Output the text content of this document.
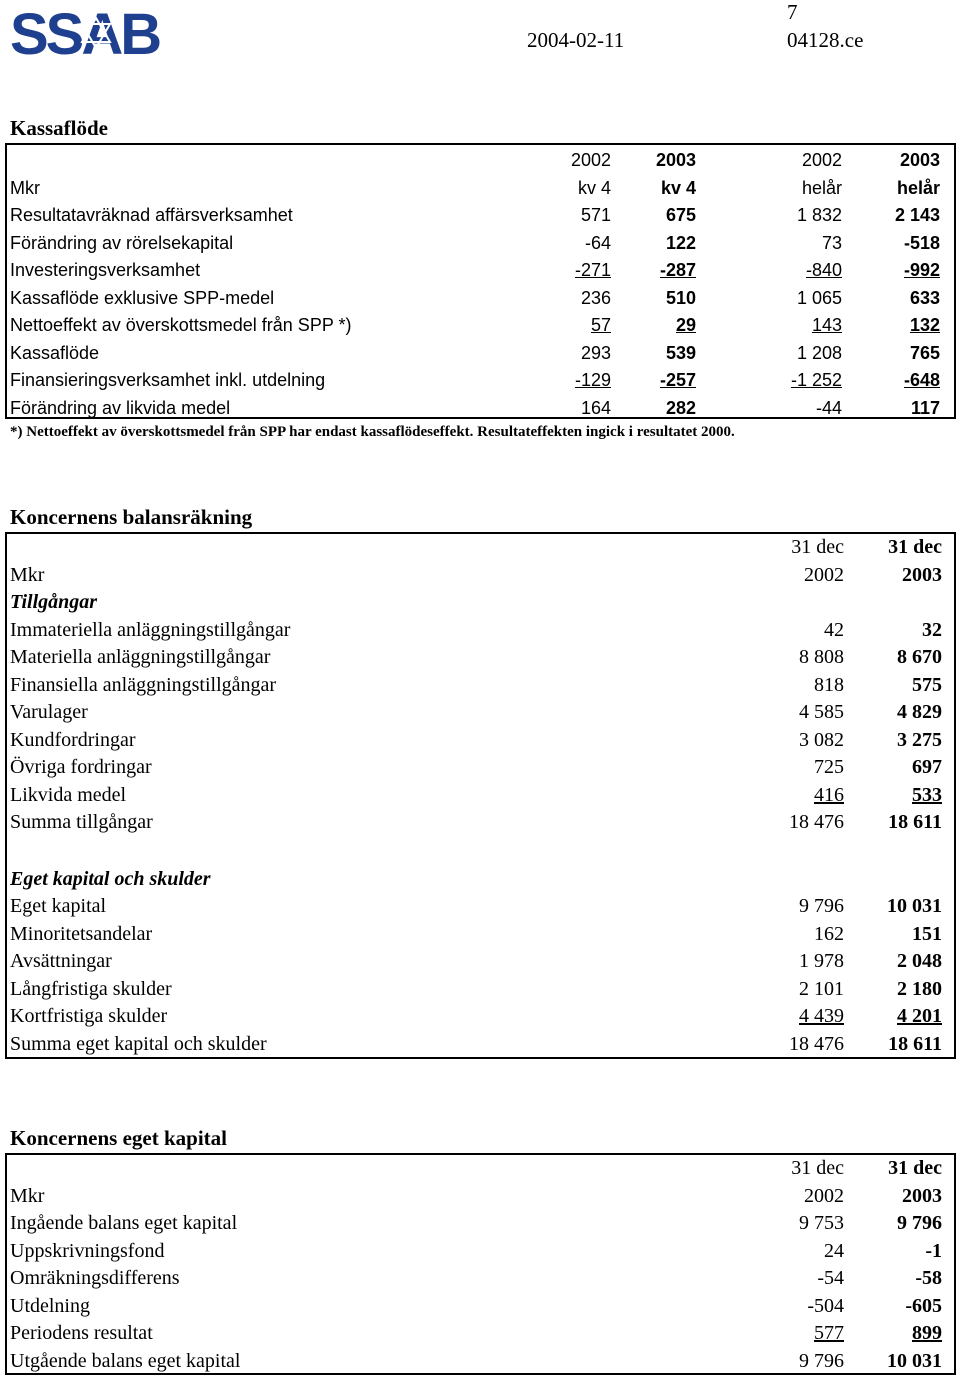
SSAB	7
2004-02-11	04128.ce
Kassaflöde
2002	2003	2002	2003
Mkr kv 4	kv 4	helår	helår
Resultatavräknad affärsverksamhet 571	675	1 832	2 143
Förändring av rörelsekapital -64	122	73	-518
Investeringsverksamhet -271	-287	-840	-992
Kassaflöde exklusive SPP-medel 236	510	1 065	633
Nettoeffekt av överskottsmedel från SPP *) 57	29	143	132
Kassaflöde 293	539	1 208	765
Finansieringsverksamhet inkl. utdelning -129	-257	-1 252	-648
Förändring av likvida medel 164	282	-44	117
*) Nettoeffekt av överskottsmedel från SPP har endast kassaflödeseffekt. Resultateffekten ingick i resultatet 2000.
Koncernens balansräkning
31 dec	31 dec
Mkr 2002	2003
Tillgångar	
Immateriella anläggningstillgångar 42	32
Materiella anläggningstillgångar 8 808	8 670
Finansiella anläggningstillgångar 818	575
Varulager 4 585	4 829
Kundfordringar 3 082	3 275
Övriga fordringar 725	697
Likvida medel 416	533
Summa tillgångar 18 476	18 611

Eget kapital och skulder	
Eget kapital 9 796	10 031
Minoritetsandelar 162	151
Avsättningar 1 978	2 048
Långfristiga skulder 2 101	2 180
Kortfristiga skulder 4 439	4 201
Summa eget kapital och skulder 18 476	18 611
Koncernens eget kapital
31 dec	31 dec
Mkr 2002	2003
Ingående balans eget kapital 9 753	9 796
Uppskrivningsfond 24	-1
Omräkningsdifferens -54	-58
Utdelning -504	-605
Periodens resultat 577	899
Utgående balans eget kapital 9 796	10 031
